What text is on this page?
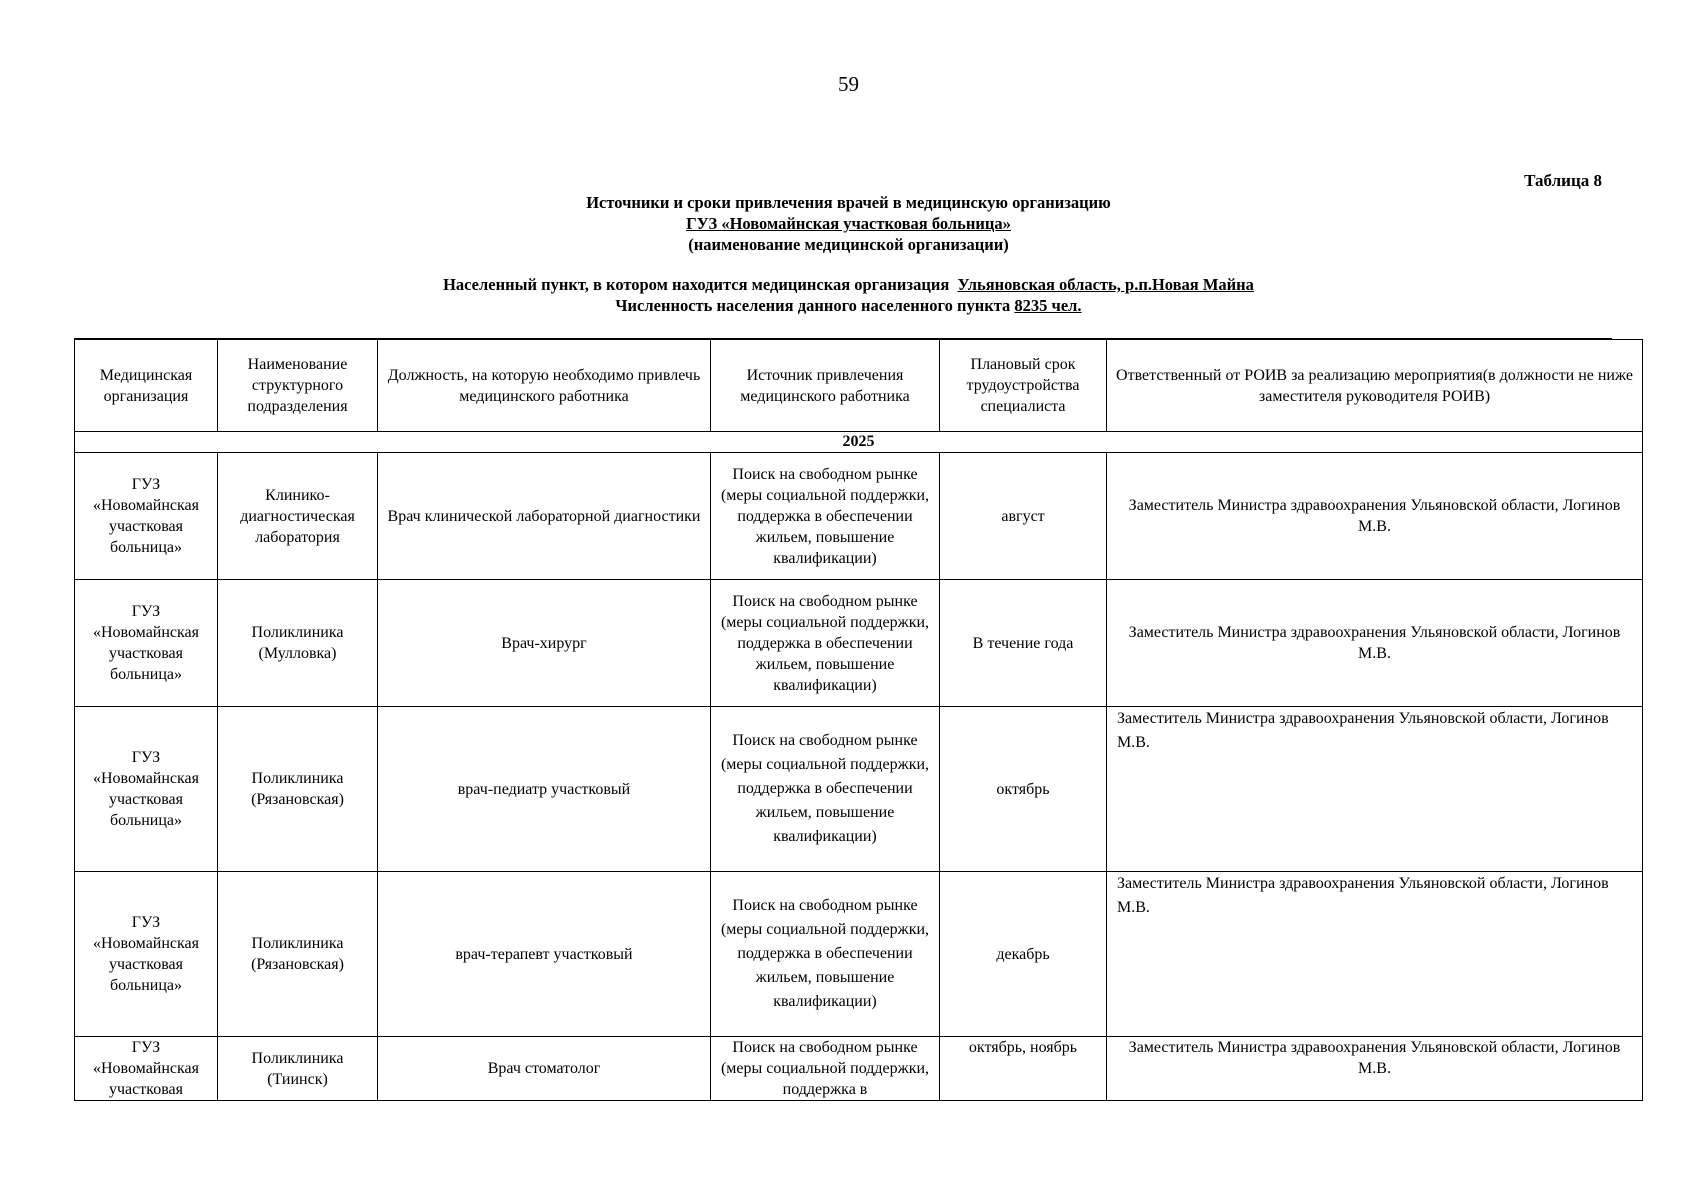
59
Таблица 8
Источники и сроки привлечения врачей в медицинскую организацию
ГУЗ «Новомайнская участковая больница»
(наименование медицинской организации)
Населенный пункт, в котором находится медицинская организация Ульяновская область, р.п.Новая Майна
Численность населения данного населенного пункта 8235 чел.
Медицинская организация	Наименование структурного подразделения	Должность, на которую необходимо привлечь медицинского работника	Источник привлечения медицинского работника	Плановый срок трудоустройства специалиста	Ответственный от РОИВ за реализацию мероприятия(в должности не ниже заместителя руководителя РОИВ)
2025					
ГУЗ «Новомайнская участковая больница»	Клинико-диагностическая лаборатория	Врач клинической лабораторной диагностики	Поиск на свободном рынке (меры социальной поддержки, поддержка в обеспечении жильем, повышение квалификации)	август	Заместитель Министра здравоохранения Ульяновской области, Логинов М.В.
ГУЗ «Новомайнская участковая больница»	Поликлиника (Мулловка)	Врач-хирург	Поиск на свободном рынке (меры социальной поддержки, поддержка в обеспечении жильем, повышение квалификации)	В течение года	Заместитель Министра здравоохранения Ульяновской области, Логинов М.В.
ГУЗ «Новомайнская участковая больница»	Поликлиника (Рязановская)	врач-педиатр участковый	Поиск на свободном рынке (меры социальной поддержки, поддержка в обеспечении жильем, повышение квалификации)	октябрь	Заместитель Министра здравоохранения Ульяновской области, Логинов М.В.
ГУЗ «Новомайнская участковая больница»	Поликлиника (Рязановская)	врач-терапевт участковый	Поиск на свободном рынке (меры социальной поддержки, поддержка в обеспечении жильем, повышение квалификации)	декабрь	Заместитель Министра здравоохранения Ульяновской области, Логинов М.В.
ГУЗ «Новомайнская участковая	Поликлиника (Тиинск)	Врач стоматолог	Поиск на свободном рынке (меры социальной поддержки, поддержка в	октябрь, ноябрь	Заместитель Министра здравоохранения Ульяновской области, Логинов М.В.
